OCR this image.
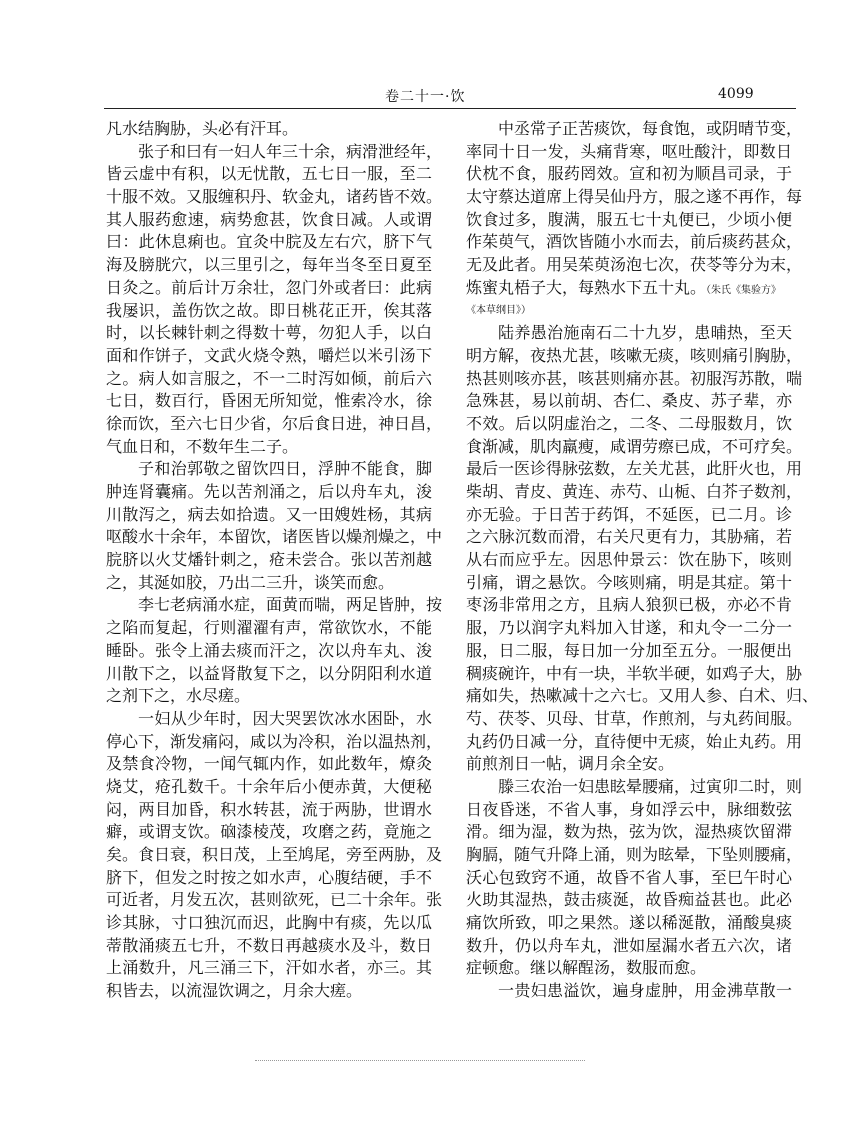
卷二十一·饮	4099
凡水结胸胁，头必有汗耳。
张子和曰有一妇人年三十余，病滑泄经年，
皆云虚中有积，以无忧散，五七日一服，至二
十服不效。又服缠积丹、软金丸，诸药皆不效。
其人服药愈速，病势愈甚，饮食日减。人或谓
曰：此休息痢也。宜灸中脘及左右穴，脐下气
海及膀胱穴，以三里引之，每年当冬至日夏至
日灸之。前后计万余壮，忽门外或者曰：此病
我屡识，盖伤饮之故。即日桃花正开，俟其落
时，以长棘针刺之得数十萼，勿犯人手，以白
面和作饼子，文武火烧令熟，嚼烂以米引汤下
之。病人如言服之，不一二时泻如倾，前后六
七日，数百行，昏困无所知觉，惟索冷水，徐
徐而饮，至六七日少省，尔后食日进，神日昌，
气血日和，不数年生二子。
子和治郭敬之留饮四日，浮肿不能食，脚
肿连肾囊痛。先以苦剂涌之，后以舟车丸，浚
川散泻之，病去如拾遗。又一田嫂姓杨，其病
呕酸水十余年，本留饮，诸医皆以燥剂燥之，中
脘脐以火艾燔针刺之，疮未尝合。张以苦剂越
之，其涎如胶，乃出二三升，谈笑而愈。
李七老病涌水症，面黄而喘，两足皆肿，按
之陷而复起，行则濯濯有声，常欲饮水，不能
睡卧。张令上涌去痰而汗之，次以舟车丸、浚
川散下之，以益肾散复下之，以分阴阳利水道
之剂下之，水尽瘥。
一妇从少年时，因大哭罢饮冰水困卧，水
停心下，渐发痛闷，咸以为冷积，治以温热剂，
及禁食冷物，一闻气辄内作，如此数年，燎灸
烧艾，疮孔数千。十余年后小便赤黄，大便秘
闷，两目加昏，积水转甚，流于两胁，世谓水
癖，或谓支饮。硇漆棱茂，攻磨之药，竟施之
矣。食日衰，积日茂，上至鸠尾，旁至两胁，及
脐下，但发之时按之如水声，心腹结硬，手不
可近者，月发五次，甚则欲死，已二十余年。张
诊其脉，寸口独沉而迟，此胸中有痰，先以瓜
蒂散涌痰五七升，不数日再越痰水及斗，数日
上涌数升，凡三涌三下，汗如水者，亦三。其
积皆去，以流湿饮调之，月余大瘥。
中丞常子正苦痰饮，每食饱，或阴晴节变，
率同十日一发，头痛背寒，呕吐酸汁，即数日
伏枕不食，服药罔效。宣和初为顺昌司录，于
太守蔡达道席上得吴仙丹方，服之遂不再作，每
饮食过多，腹满，服五七十丸便已，少顷小便
作茱萸气，酒饮皆随小水而去，前后痰药甚众，
无及此者。用吴茱萸汤泡七次，茯苓等分为末，
炼蜜丸梧子大，每熟水下五十丸。（朱氏《集验方》
《本草纲目》）
陆养愚治施南石二十九岁，患晡热，至天
明方解，夜热尤甚，咳嗽无痰，咳则痛引胸胁，
热甚则咳亦甚，咳甚则痛亦甚。初服泻苏散，喘
急殊甚，易以前胡、杏仁、桑皮、苏子辈，亦
不效。后以阴虚治之，二冬、二母服数月，饮
食渐减，肌肉羸瘦，咸谓劳瘵已成，不可疗矣。
最后一医诊得脉弦数，左关尤甚，此肝火也，用
柴胡、青皮、黄连、赤芍、山栀、白芥子数剂，
亦无验。于日苦于药饵，不延医，已二月。诊
之六脉沉数而滑，右关尺更有力，其胁痛，若
从右而应乎左。因思仲景云：饮在胁下，咳则
引痛，谓之悬饮。今咳则痛，明是其症。第十
枣汤非常用之方，且病人狼狈已极，亦必不肯
服，乃以润字丸料加入甘遂，和丸令一二分一
服，日二服，每日加一分加至五分。一服便出
稠痰碗许，中有一块，半软半硬，如鸡子大，胁
痛如失，热嗽减十之六七。又用人参、白术、归、
芍、茯苓、贝母、甘草，作煎剂，与丸药间服。
丸药仍日减一分，直待便中无痰，始止丸药。用
前煎剂日一帖，调月余全安。
滕三农治一妇患眩晕腰痛，过寅卯二时，则
日夜昏迷，不省人事，身如浮云中，脉细数弦
滑。细为湿，数为热，弦为饮，湿热痰饮留滞
胸膈，随气升降上涌，则为眩晕，下坠则腰痛，
沃心包致窍不通，故昏不省人事，至巳午时心
火助其湿热，鼓击痰涎，故昏痴益甚也。此必
痛饮所致，叩之果然。遂以稀涎散，涌酸臭痰
数升，仍以舟车丸，泄如屋漏水者五六次，诸
症顿愈。继以解酲汤，数服而愈。
一贵妇患溢饮，遍身虚肿，用金沸草散一
